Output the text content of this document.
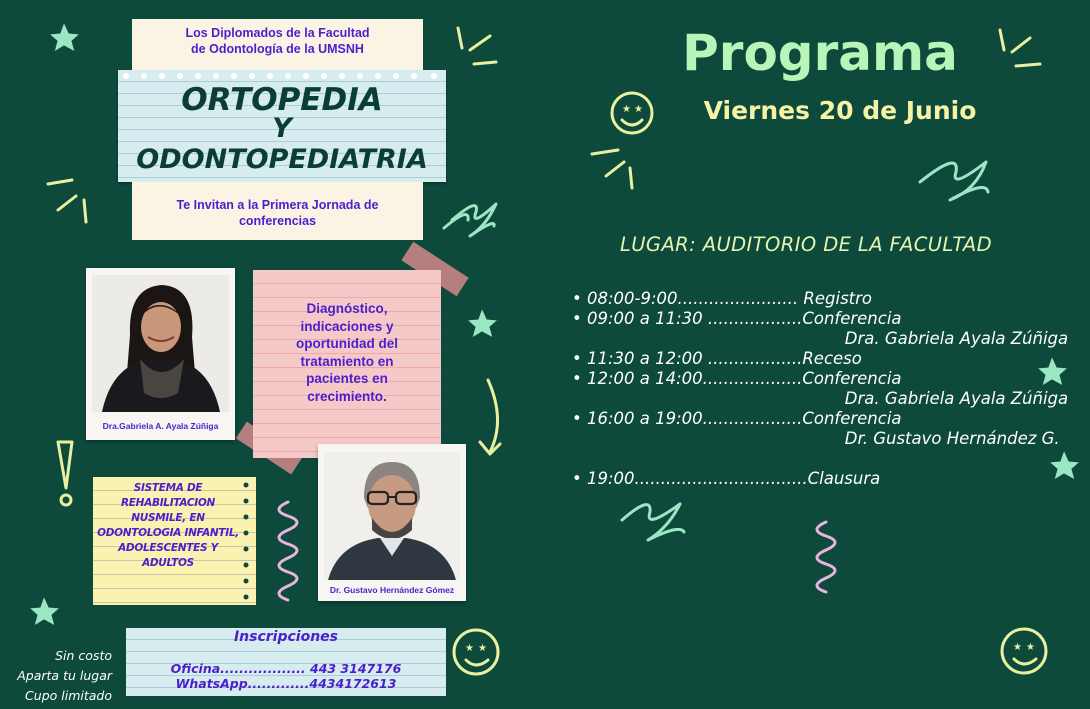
Los Diplomados de la Facultad
de Odontología de la UMSNH
ORTOPEDIA
Y
ODONTOPEDIATRIA
Te Invitan a la Primera Jornada de
conferencias
Dra.Gabriela A. Ayala Zúñiga
Diagnóstico,
indicaciones y
oportunidad del
tratamiento en
pacientes en
crecimiento.
Dr. Gustavo Hernández Gómez
SISTEMA DE
REHABILITACION
NUSMILE, EN
ODONTOLOGIA INFANTIL,
ADOLESCENTES Y
ADULTOS
Inscripciones
Oficina.................. 443 3147176
WhatsApp.............4434172613
Sin costo
Aparta tu lugar
Cupo limitado
Programa
Viernes 20 de Junio
LUGAR: AUDITORIO DE LA FACULTAD
• 08:00-9:00....................... Registro
• 09:00 a 11:30 ..................Conferencia
Dra. Gabriela Ayala Zúñiga
• 11:30 a 12:00 ..................Receso
• 12:00 a 14:00...................Conferencia
Dra. Gabriela Ayala Zúñiga
• 16:00 a 19:00...................Conferencia
Dr. Gustavo Hernández G.
• 19:00.................................Clausura
★ ★
★ ★	★ ★
